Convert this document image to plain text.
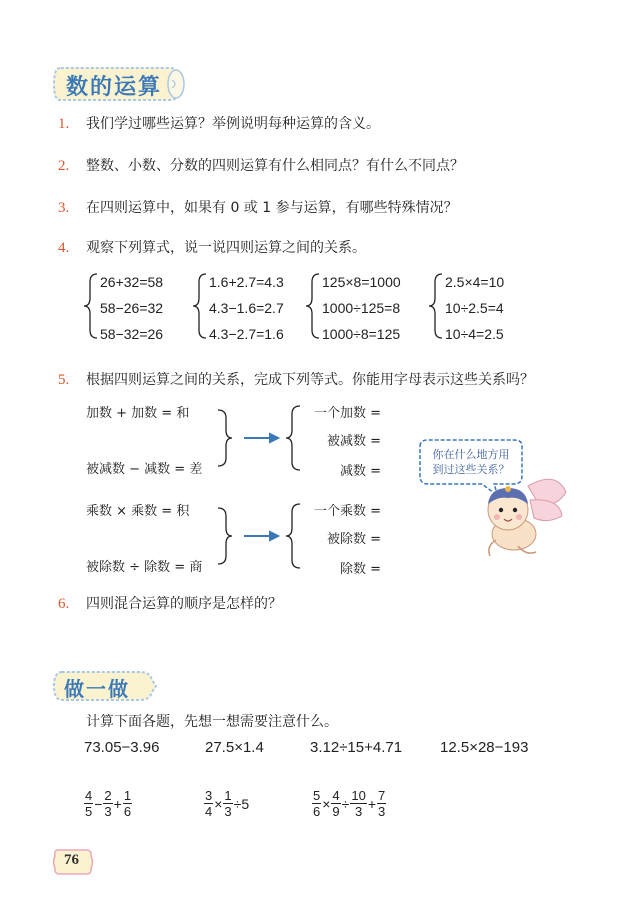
数的运算
1. 我们学过哪些运算？举例说明每种运算的含义。
2. 整数、小数、分数的四则运算有什么相同点？有什么不同点？
3. 在四则运算中，如果有 0 或 1 参与运算，有哪些特殊情况？
4. 观察下列算式，说一说四则运算之间的关系。
26+32=58
58−26=32
58−32=26
1.6+2.7=4.3
4.3−1.6=2.7
4.3−2.7=1.6
125×8=1000
1000÷125=8
1000÷8=125
2.5×4=10
10÷2.5=4
10÷4=2.5
5. 根据四则运算之间的关系，完成下列等式。你能用字母表示这些关系吗？
加数 + 加数 = 和
被减数 − 减数 = 差
一个加数 =
被减数 =
减数 =
乘数 × 乘数 = 积
被除数 ÷ 除数 = 商
一个乘数 =
被除数 =
除数 =
你在什么地方用
到过这些关系？
6. 四则混合运算的顺序是怎样的？
做一做
计算下面各题，先想一想需要注意什么。
73.05−3.96	27.5×1.4	3.12÷15+4.71	12.5×28−193
$\frac{4}{5} - \frac{2}{3} + \frac{1}{6}$	$\frac{3}{4} \times \frac{1}{3} \div 5$	$\frac{5}{6} \times \frac{4}{9} \div \frac{10}{3} + \frac{7}{3}$
76
